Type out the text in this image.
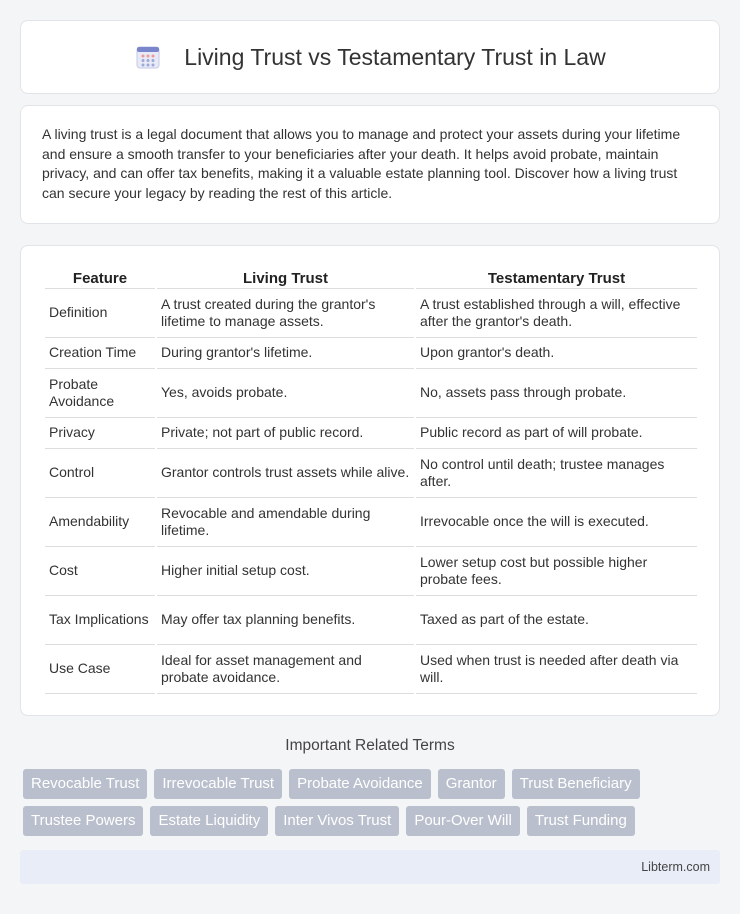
Living Trust vs Testamentary Trust in Law

A living trust is a legal document that allows you to manage and protect your assets during your lifetime and ensure a smooth transfer to your beneficiaries after your death. It helps avoid probate, maintain privacy, and can offer tax benefits, making it a valuable estate planning tool. Discover how a living trust can secure your legacy by reading the rest of this article.

Feature	Living Trust	Testamentary Trust
Definition	A trust created during the grantor's lifetime to manage assets.	A trust established through a will, effective after the grantor's death.
Creation Time	During grantor's lifetime.	Upon grantor's death.
Probate Avoidance	Yes, avoids probate.	No, assets pass through probate.
Privacy	Private; not part of public record.	Public record as part of will probate.
Control	Grantor controls trust assets while alive.	No control until death; trustee manages after.
Amendability	Revocable and amendable during lifetime.	Irrevocable once the will is executed.
Cost	Higher initial setup cost.	Lower setup cost but possible higher probate fees.
Tax Implications	May offer tax planning benefits.	Taxed as part of the estate.
Use Case	Ideal for asset management and probate avoidance.	Used when trust is needed after death via will.
Important Related Terms
Revocable Trust	Irrevocable Trust	Probate Avoidance	Grantor	Trust Beneficiary
Trustee Powers	Estate Liquidity	Inter Vivos Trust	Pour-Over Will	Trust Funding
Libterm.com
